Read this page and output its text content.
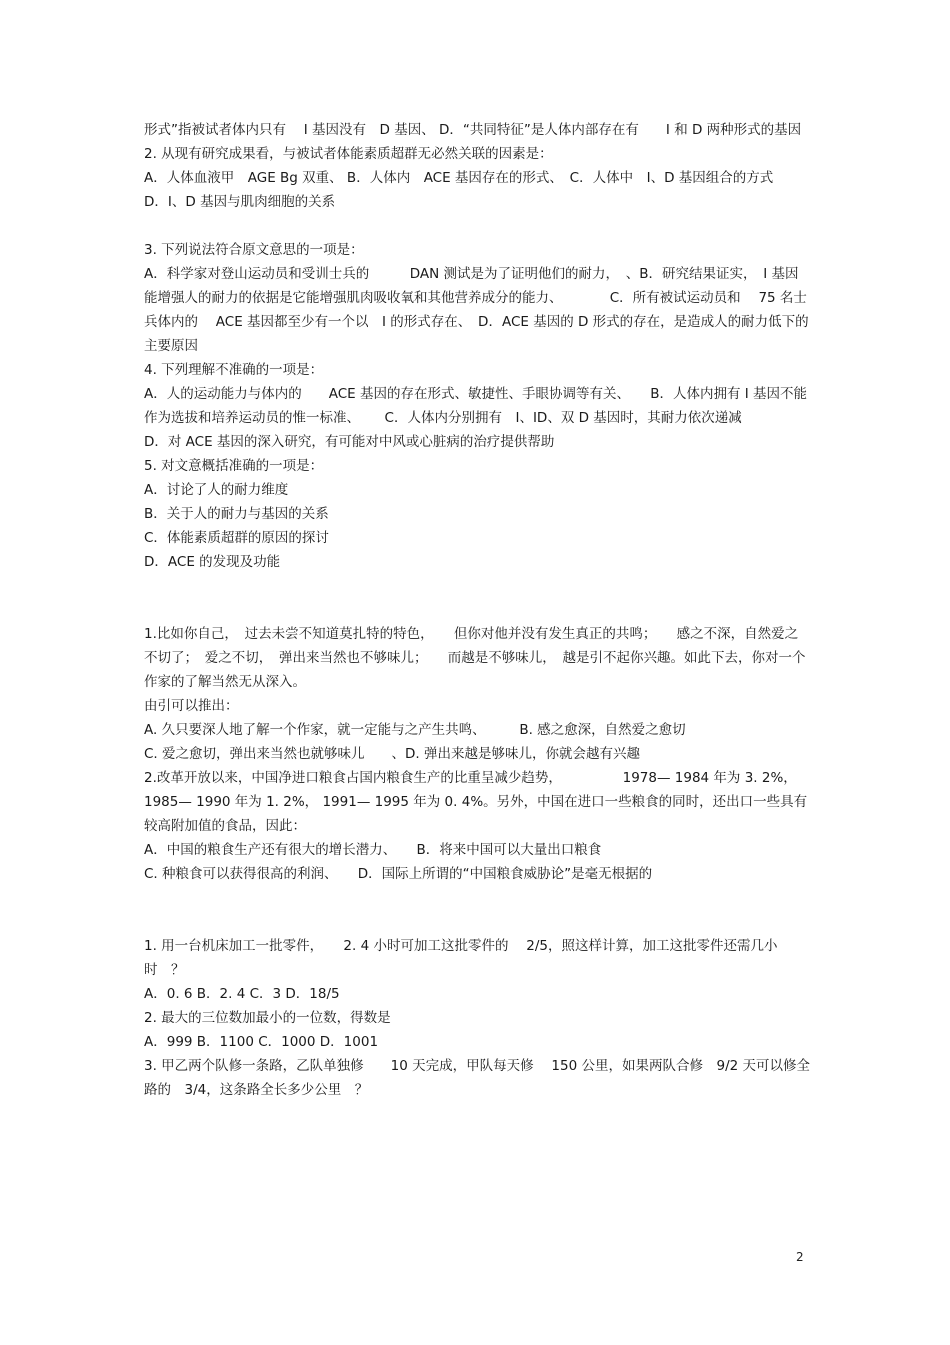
形式”指被试者体内只有　 I 基因没有　D 基因、 D．“共同特征”是人体内部存在有　　I 和 D 两种形式的基因

2. 从现有研究成果看，与被试者体能素质超群无必然关联的因素是：

A．人体血液甲　AGE Bg 双重、 B．人体内　ACE 基因存在的形式、　C．人体中　I、D 基因组合的方式

D．I、D 基因与肌肉细胞的关系

3. 下列说法符合原文意思的一项是：

A．科学家对登山运动员和受训士兵的　　　DAN 测试是为了证明他们的耐力，　、B．研究结果证实，　I 基因能增强人的耐力的依据是它能增强肌肉吸收氧和其他营养成分的能力、　　　　C．所有被试运动员和　 75 名士兵体内的　 ACE 基因都至少有一个以　I 的形式存在、　D．ACE 基因的 D 形式的存在，是造成人的耐力低下的主要原因

4. 下列理解不准确的一项是：

A．人的运动能力与体内的　　ACE 基因的存在形式、敏捷性、手眼协调等有关、　　B．人体内拥有 I 基因不能作为选拔和培养运动员的惟一标准、　　 C．人体内分别拥有　I、ID、双 D 基因时，其耐力依次递减

D．对 ACE 基因的深入研究，有可能对中风或心脏病的治疗提供帮助

5. 对文意概括准确的一项是：

A．讨论了人的耐力维度

B．关于人的耐力与基因的关系

C．体能素质超群的原因的探讨

D．ACE 的发现及功能

1.比如你自己，　过去未尝不知道莫扎特的特色，　　但你对他并没有发生真正的共鸣；　　感之不深，自然爱之不切了；　爱之不切，　弹出来当然也不够味儿；　　而越是不够味儿，　越是引不起你兴趣。如此下去，你对一个作家的了解当然无从深入。

由引可以推出：

A. 久只要深人地了解一个作家，就一定能与之产生共鸣、　　　B. 感之愈深，自然爱之愈切

C. 爱之愈切，弹出来当然也就够味儿　　、D. 弹出来越是够味儿，你就会越有兴趣

2.改革开放以来，中国净进口粮食占国内粮食生产的比重呈减少趋势，　　　　　1978— 1984 年为 3. 2%， 1985— 1990 年为 1. 2%， 1991— 1995 年为 0. 4%。另外，中国在进口一些粮食的同时，还出口一些具有较高附加值的食品，因此：

A．中国的粮食生产还有很大的增长潜力、　　B．将来中国可以大量出口粮食

C. 种粮食可以获得很高的利润、　　D．国际上所谓的“中国粮食威胁论”是毫无根据的

1. 用一台机床加工一批零件，　　2. 4 小时可加工这批零件的　 2/5，照这样计算，加工这批零件还需几小时　？

A．0. 6 B．2. 4 C．3 D．18/5

2. 最大的三位数加最小的一位数，得数是

A．999 B．1100 C．1000 D．1001

3. 甲乙两个队修一条路，乙队单独修　　10 天完成，甲队每天修　 150 公里，如果两队合修　9/2 天可以修全路的　3/4，这条路全长多少公里　？

2
